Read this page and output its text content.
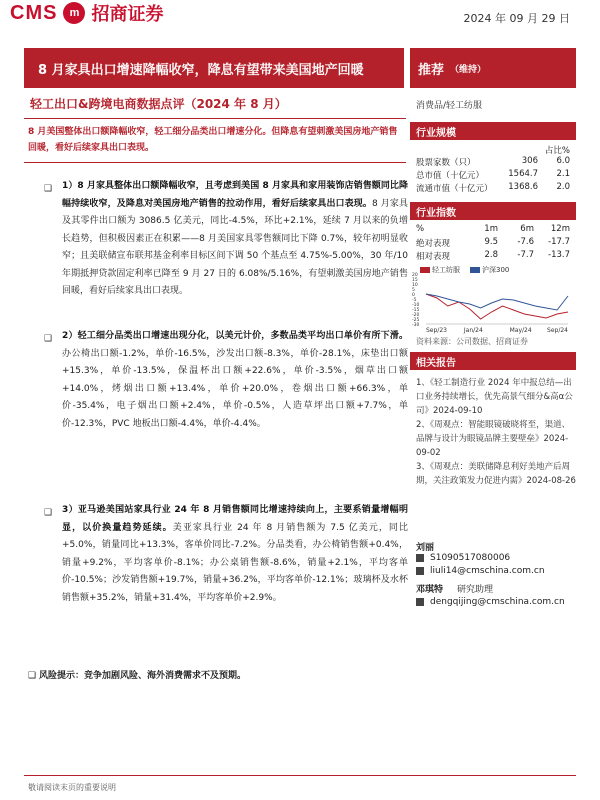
CMS	m 招商证券	2024 年 09 月 29 日
8 月家具出口增速降幅收窄，降息有望带来美国地产回暖
轻工出口&跨境电商数据点评（2024 年 8 月）
8 月美国整体出口额降幅收窄，轻工细分品类出口增速分化。但降息有望刺激美国房地产销售回暖，看好后续家具出口表现。
❑ 1）8 月家具整体出口额降幅收窄，且考虑到美国 8 月家具和家用装饰店销售额同比降幅持续收窄，及降息对美国房地产销售的拉动作用，看好后续家具出口表现。8 月家具及其零件出口额为 3086.5 亿美元，同比-4.5%，环比+2.1%，延续 7 月以来的负增长趋势，但积极因素正在积累——8 月美国家具零售额同比下降 0.7%，较年初明显收窄；且美联储宣布联邦基金利率目标区间下调 50 个基点至 4.75%-5.00%，30 年/10 年期抵押贷款固定利率已降至 9 月 27 日的 6.08%/5.16%，有望刺激美国房地产销售回暖，看好后续家具出口表现。
❑ 2）轻工细分品类出口增速出现分化，以美元计价，多数品类平均出口单价有所下滑。办公椅出口额-1.2%，单价-16.5%，沙发出口额-8.3%，单价-28.1%，床垫出口额+15.3%，单价-13.5%，保温杯出口额+22.6%，单价-3.5%，烟草出口额+14.0%，烤烟出口额+13.4%，单价+20.0%，卷烟出口额+66.3%，单价-35.4%，电子烟出口额+2.4%，单价-0.5%，人造草坪出口额+7.7%，单价-12.3%，PVC 地板出口额-4.4%，单价-4.4%。
❑ 3）亚马逊美国站家具行业 24 年 8 月销售额同比增速持续向上，主要系销量增幅明显，以价换量趋势延续。美亚家具行业 24 年 8 月销售额为 7.5 亿美元，同比+5.0%，销量同比+13.3%，客单价同比-7.2%。分品类看，办公椅销售额+0.4%，销量+9.2%，平均客单价-8.1%；办公桌销售额-8.6%，销量+2.1%，平均客单价-10.5%；沙发销售额+19.7%，销量+36.2%，平均客单价-12.1%；玻璃杯及水杯销售额+35.2%，销量+31.4%，平均客单价+2.9%。
❑ 风险提示：竞争加剧风险、海外消费需求不及预期。
敬请阅读末页的重要说明
推荐 （维持）
消费品/轻工纺服
行业规模
占比%
股票家数（只）	306	6.0
总市值（十亿元）	1564.7	2.1
流通市值（十亿元）	1368.6	2.0
行业指数
%	1m	6m	12m
绝对表现	9.5	-7.6	-17.7
相对表现	2.8	-7.7	-13.7
轻工纺服	沪深300
20
15
10
5
0
-5
-10
-15
-20
-25
-30
Sep/23	Jan/24	May/24	Sep/24
资料来源：公司数据、招商证券
相关报告
1、《轻工制造行业 2024 年中报总结—出口业务持续增长，优先高景气细分&高α公司》2024-09-10
2、《周观点：智能眼镜破晓将至，渠道、品牌与设计为眼镜品牌主要壁垒》2024-09-02
3、《周观点：美联储降息利好美地产后周期，关注政策发力促进内需》2024-08-26
刘丽
S1090517080006
liuli14@cmschina.com.cn
邓琪特 研究助理
dengqijing@cmschina.com.cn
